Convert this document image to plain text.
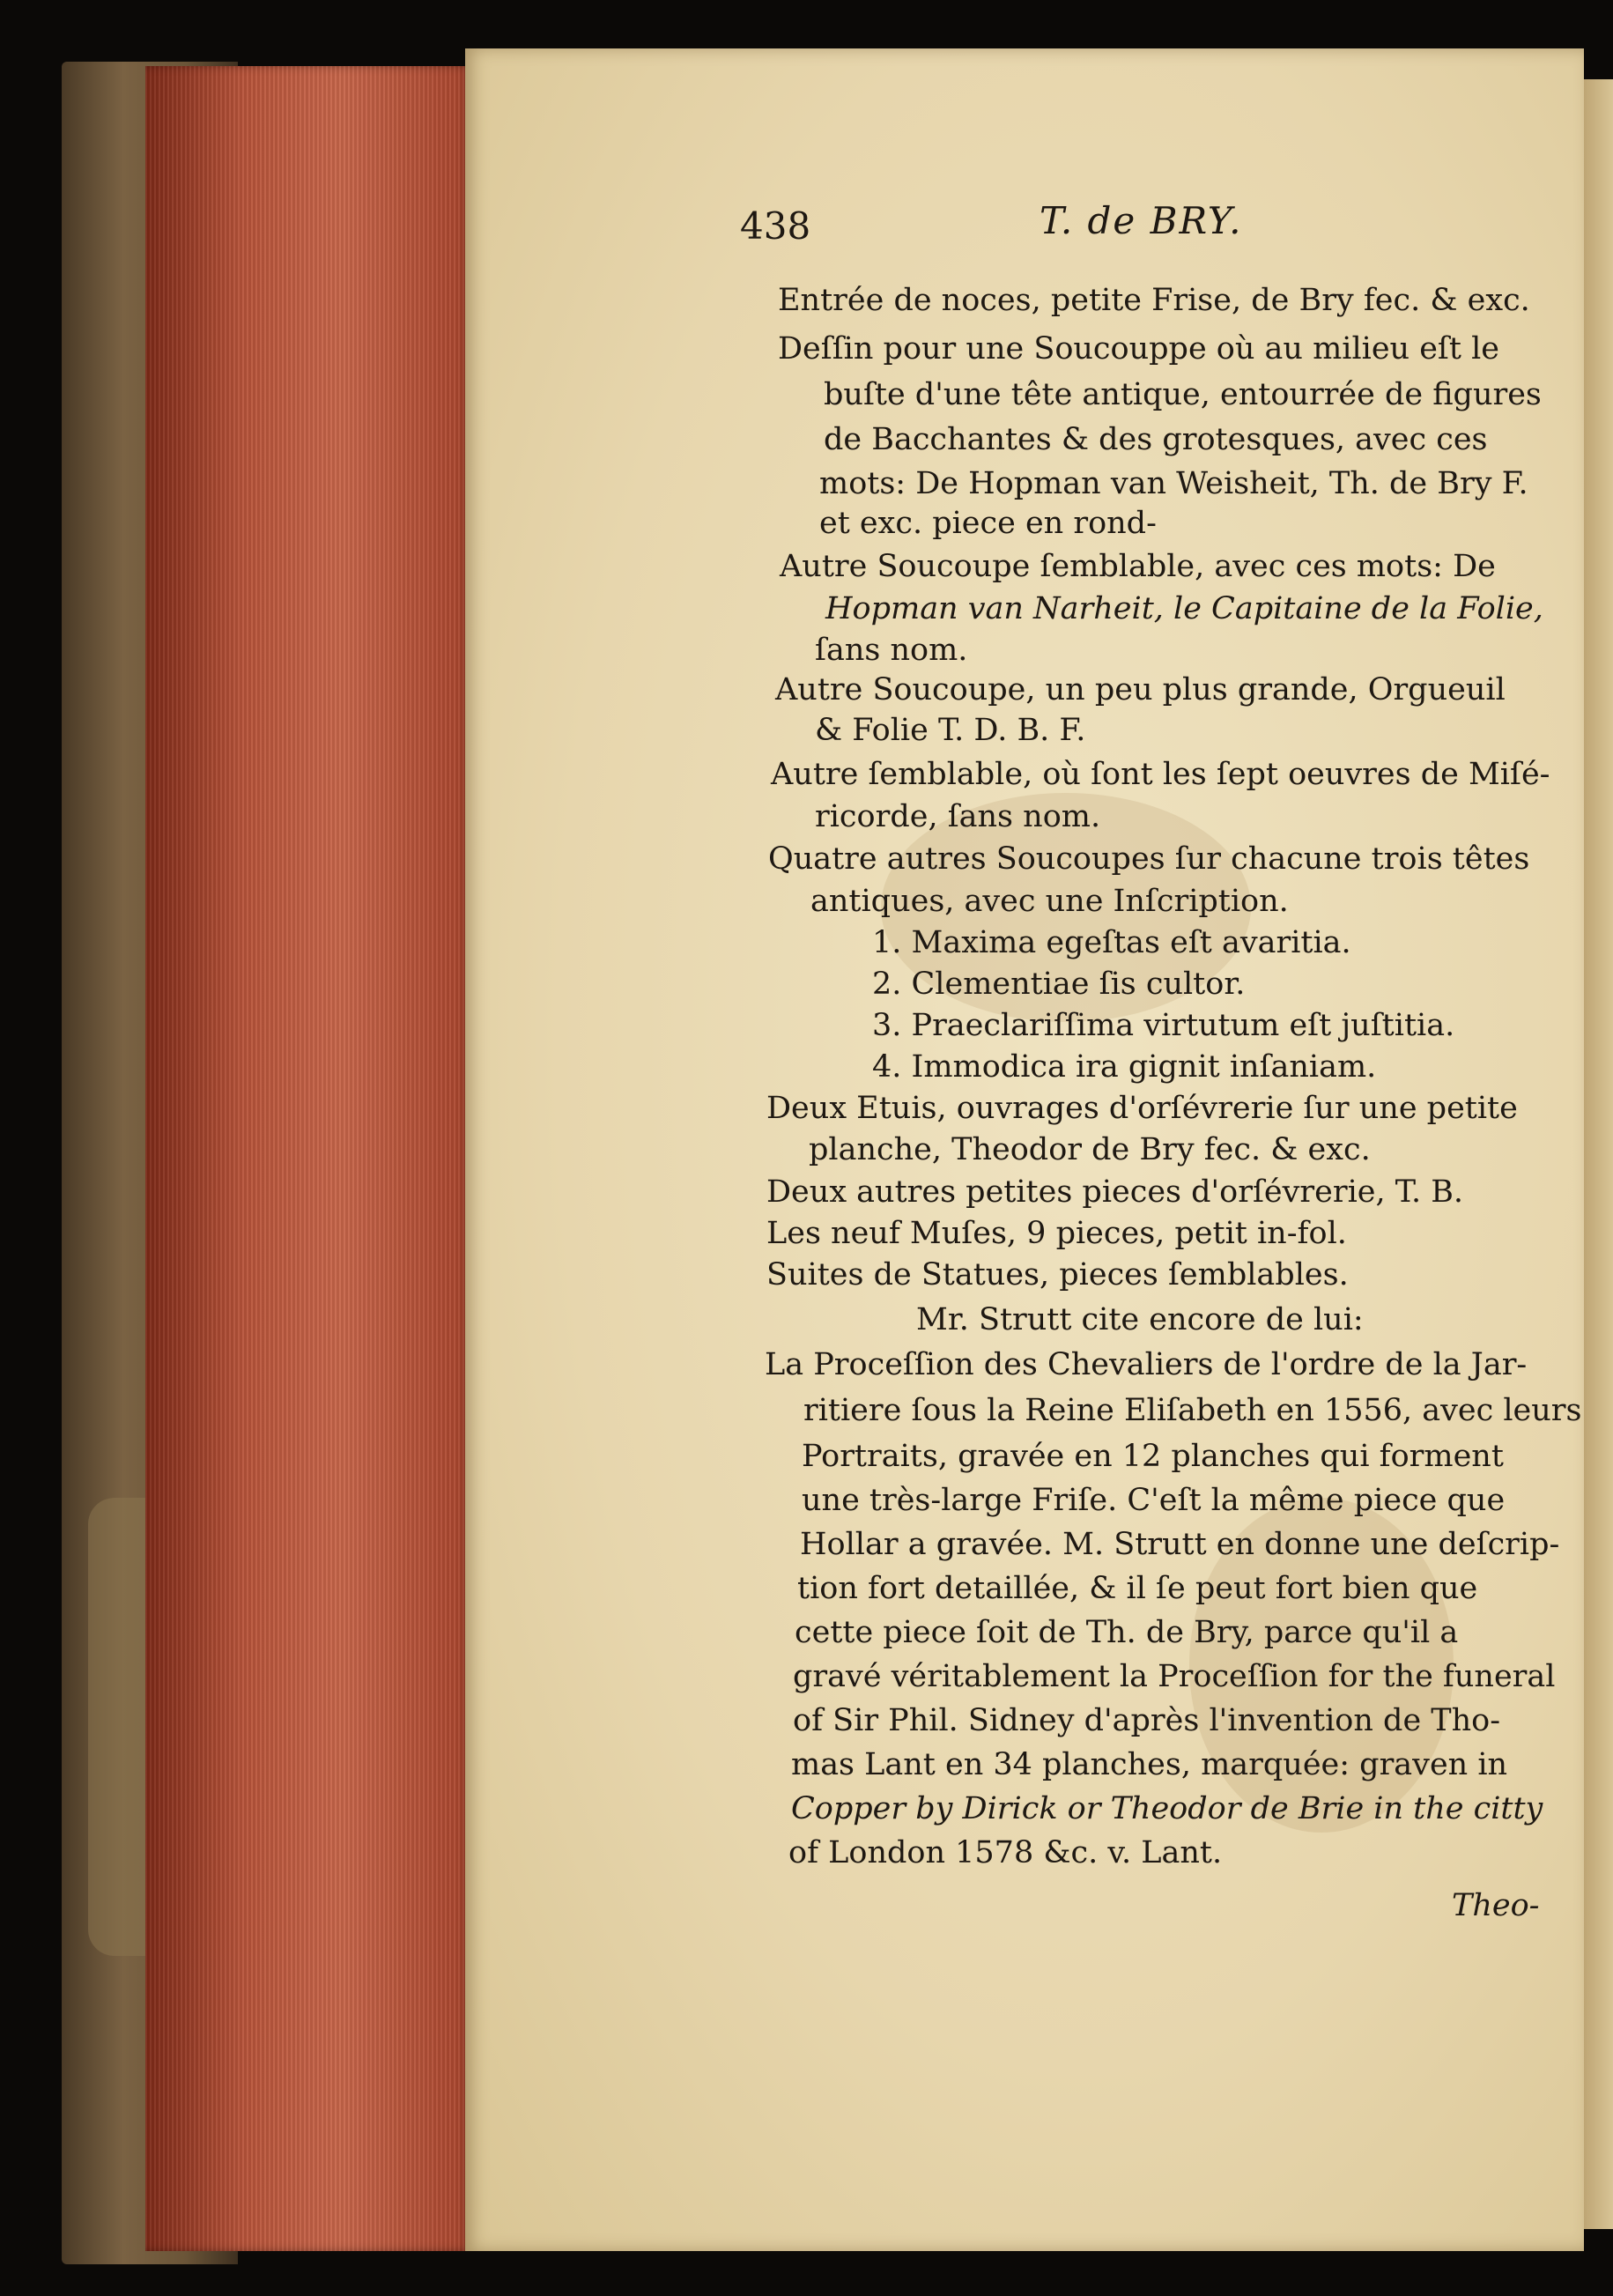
438	T. de BRY.
Entrée de noces, petite Frise, de Bry fec. & exc.
Deſſin pour une Soucouppe où au milieu eſt le
buſte d'une tête antique, entourrée de figures
de Bacchantes & des grotesques, avec ces
mots: De Hopman van Weisheit, Th. de Bry F.
et exc. piece en rond-
Autre Soucoupe ſemblable, avec ces mots: De
Hopman van Narheit, le Capitaine de la Folie,
ſans nom.
Autre Soucoupe, un peu plus grande, Orgueuil
& Folie T. D. B. F.
Autre ſemblable, où ſont les ſept oeuvres de Miſé-
ricorde, ſans nom.
Quatre autres Soucoupes ſur chacune trois têtes
antiques, avec une Inſcription.
1. Maxima egeſtas eſt avaritia.
2. Clementiae ſis cultor.
3. Praeclariſſima virtutum eſt juſtitia.
4. Immodica ira gignit inſaniam.
Deux Etuis, ouvrages d'orſévrerie ſur une petite
planche, Theodor de Bry fec. & exc.
Deux autres petites pieces d'orſévrerie, T. B.
Les neuf Muſes, 9 pieces, petit in-fol.
Suites de Statues, pieces ſemblables.
Mr. Strutt cite encore de lui:
La Proceſſion des Chevaliers de l'ordre de la Jar-
ritiere ſous la Reine Eliſabeth en 1556, avec leurs
Portraits, gravée en 12 planches qui forment
une très-large Friſe. C'eſt la même piece que
Hollar a gravée. M. Strutt en donne une deſcrip-
tion fort detaillée, & il ſe peut fort bien que
cette piece ſoit de Th. de Bry, parce qu'il a
gravé véritablement la Proceſſion for the funeral
of Sir Phil. Sidney d'après l'invention de Tho-
mas Lant en 34 planches, marquée: graven in
Copper by Dirick or Theodor de Brie in the citty
of London 1578 &c. v. Lant.
Theo-
